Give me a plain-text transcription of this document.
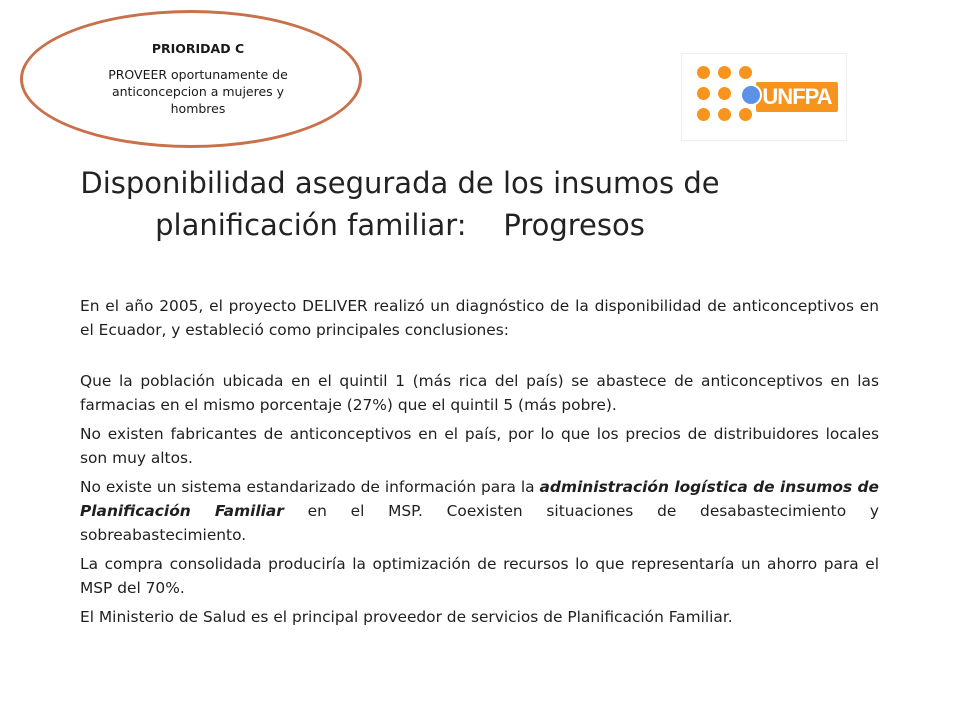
PRIORIDAD C
PROVEER oportunamente de anticoncepcion a mujeres y hombres	UNFPA
Disponibilidad asegurada de los insumos de
planificación familiar:    Progresos

En el año 2005, el proyecto DELIVER realizó un diagnóstico de la disponibilidad de anticonceptivos en el Ecuador, y estableció como principales conclusiones:

Que la población ubicada en el quintil 1 (más rica del país) se abastece de anticonceptivos en las farmacias en el mismo porcentaje (27%) que el quintil 5 (más pobre).

No existen fabricantes de anticonceptivos en el país, por lo que los precios de distribuidores locales son muy altos.

No existe un sistema estandarizado de información para la administración logística de insumos de Planificación Familiar en el MSP. Coexisten situaciones de desabastecimiento y sobreabastecimiento.

La compra consolidada produciría la optimización de recursos lo que representaría un ahorro para el MSP del 70%.

El Ministerio de Salud es el principal proveedor de servicios de Planificación Familiar.
